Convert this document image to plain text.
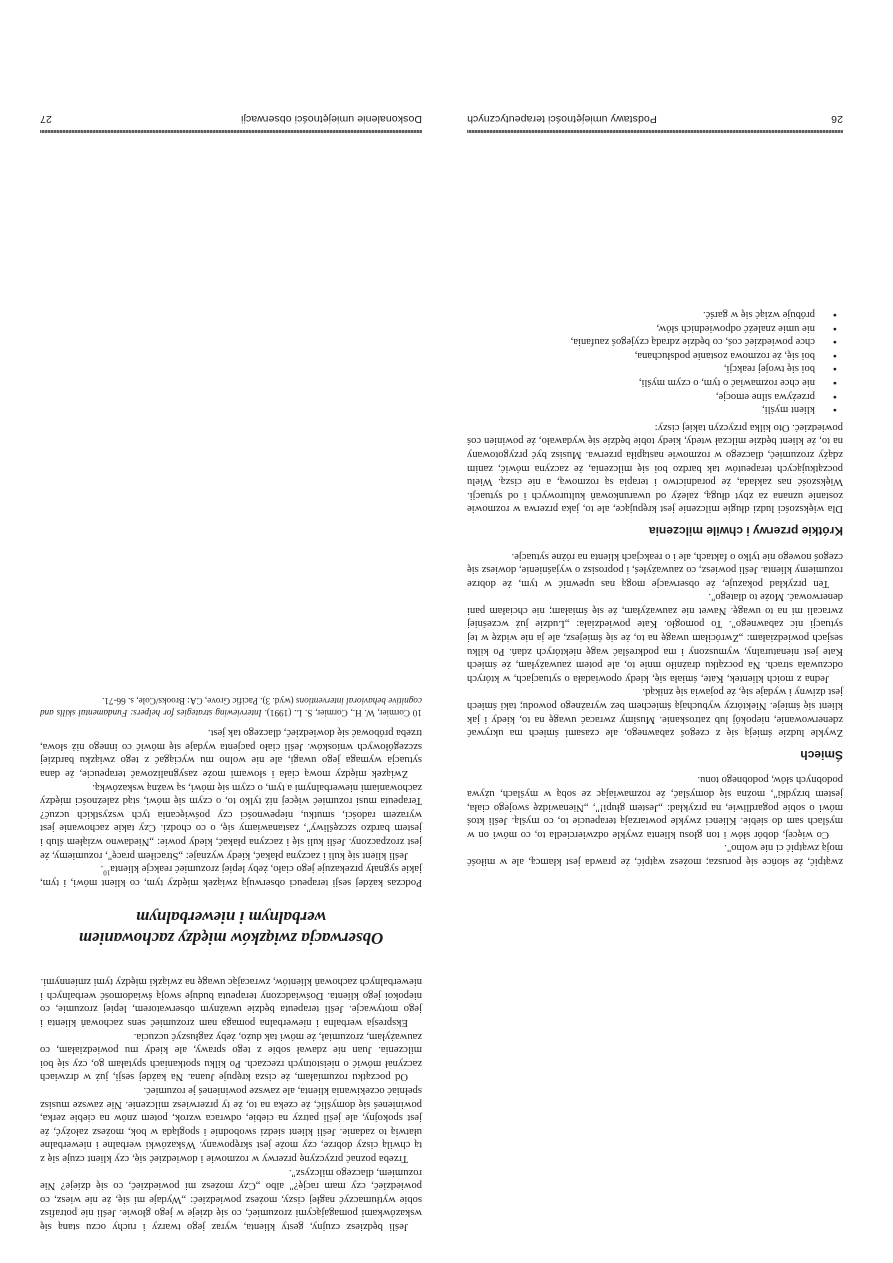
26
Podstawy umiejętności terapeutycznych

zwątpić, że słońce się porusza; możesz wątpić, że prawda jest kłamcą, ale w miłość moją zwątpić ci nie wolno".

Co więcej, dobór słów i ton głosu klienta zwykle odzwierciedla to, co mówi on w myślach sam do siebie. Klienci zwykle powtarzają terapeucie to, co myślą. Jeśli ktoś mówi o sobie pogardliwie, na przykład: „Jestem głupi!", „Nienawidzę swojego ciała, jestem brzydki", można się domyślać, że rozmawiając ze sobą w myślach, używa podobnych słów, podobnego tonu.

Śmiech

Zwykle ludzie śmieją się z czegoś zabawnego, ale czasami śmiech ma ukrywać zdenerwowanie, niepokój lub zatroskanie. Musimy zwracać uwagę na to, kiedy i jak klient się śmieje. Niektórzy wybuchają śmiechem bez wyraźnego powodu; taki śmiech jest dziwny i wydaje się, że pojawia się znikąd.

Jedna z moich klientek, Kate, śmiała się, kiedy opowiadała o sytuacjach, w których odczuwała strach. Na początku drażniło mnie to, ale potem zauważyłam, że śmiech Kate jest nienaturalny, wymuszony i ma podkreślać wagę niektórych zdań. Po kilku sesjach powiedziałam: „Zwróciłam uwagę na to, że się śmiejesz, ale ja nie widzę w tej sytuacji nic zabawnego". To pomogło. Kate powiedziała: „Ludzie już wcześniej zwracali mi na to uwagę. Nawet nie zauważyłam, że się śmiałam; nie chciałam pani denerwować. Może to dlatego".

Ten przykład pokazuje, że obserwacje mogą nas upewnić w tym, że dobrze rozumiemy klienta. Jeśli powiesz, co zauważyłeś, i poprosisz o wyjaśnienie, dowiesz się czegoś nowego nie tylko o faktach, ale i o reakcjach klienta na różne sytuacje.

Krótkie przerwy i chwile milczenia

Dla większości ludzi długie milczenie jest krępujące, ale to, jaka przerwa w rozmowie zostanie uznana za zbyt długą, zależy od uwarunkowań kulturowych i od sytuacji. Większość nas zakłada, że poradnictwo i terapia są rozmową, a nie ciszą. Wielu początkujących terapeutów tak bardzo boi się milczenia, że zaczyna mówić, zanim zdąży zrozumieć, dlaczego w rozmowie nastąpiła przerwa. Musisz być przygotowany na to, że klient będzie milczał wtedy, kiedy tobie będzie się wydawało, że powinien coś powiedzieć. Oto kilka przyczyn takiej ciszy:

• klient myśli,
• przeżywa silne emocje,
• nie chce rozmawiać o tym, o czym myśli,
• boi się twojej reakcji,
• boi się, że rozmowa zostanie podsłuchana,
• chce powiedzieć coś, co będzie zdradą czyjegoś zaufania,
• nie umie znaleźć odpowiednich słów,
• próbuje wziąć się w garść.
Doskonalenie umiejętności obserwacji
27

Jeśli będziesz czujny, gesty klienta, wyraz jego twarzy i ruchy oczu staną się wskazówkami pomagającymi zrozumieć, co się dzieje w jego głowie. Jeśli nie potrafisz sobie wytłumaczyć nagłej ciszy, możesz powiedzieć: „Wydaje mi się, że nie wiesz, co powiedzieć, czy mam rację?" albo „Czy możesz mi powiedzieć, co się dzieje? Nie rozumiem, dlaczego milczysz".

Trzeba poznać przyczynę przerwy w rozmowie i dowiedzieć się, czy klient czuje się z tą chwilą ciszy dobrze, czy może jest skrępowany. Wskazówki werbalne i niewerbalne ułatwią to zadanie. Jeśli klient siedzi swobodnie i spogląda w bok, możesz założyć, że jest spokojny, ale jeśli patrzy na ciebie, odwraca wzrok, potem znów na ciebie zerka, powinieneś się domyślić, że czeka na to, że ty przerwiesz milczenie. Nie zawsze musisz spełniać oczekiwania klienta, ale zawsze powinieneś je rozumieć.

Od początku rozumiałam, że cisza krępuje Juana. Na każdej sesji, już w drzwiach zaczynał mówić o nieistotnych rzeczach. Po kilku spotkaniach spytałam go, czy się boi milczenia. Juan nie zdawał sobie z tego sprawy, ale kiedy mu powiedziałam, co zauważyłam, zrozumiał, że mówi tak dużo, żeby zagłuszyć uczucia.

Ekspresja werbalna i niewerbalna pomaga nam zrozumieć sens zachowań klienta i jego motywacje. Jeśli terapeuta będzie uważnym obserwatorem, lepiej zrozumie, co niepokoi jego klienta. Doświadczony terapeuta buduje swoją świadomość werbalnych i niewerbalnych zachowań klientów, zwracając uwagę na związki między tymi zmiennymi.

Obserwacja związków między zachowaniem werbalnym i niewerbalnym

Podczas każdej sesji terapeuci obserwują związek między tym, co klient mówi, i tym, jakie sygnały przekazuje jego ciało, żeby lepiej zrozumieć reakcje klienta$^{10}$.

Jeśli klient się kuli i zaczyna płakać, kiedy wyznaje: „Straciłem pracę", rozumiemy, że jest zrozpaczony. Jeśli kuli się i zaczyna płakać, kiedy powie: „Niedawno wziąłem ślub i jestem bardzo szczęśliwy", zastanawiamy się, o co chodzi. Czy takie zachowanie jest wyrazem radości, smutku, niepewności czy poświęcania tych wszystkich uczuć? Terapeuta musi rozumieć więcej niż tylko to, o czym się mówi, stąd zależności między zachowaniami niewerbalnymi a tym, o czym się mówi, są ważną wskazówką.

Związek między mową ciała i słowami może zasygnalizować terapeucie, że dana sytuacja wymaga jego uwagi, ale nie wolno mu wyciągać z tego związku bardziej szczegółowych wniosków. Jeśli ciało pacjenta wydaje się mówić co innego niż słowa, trzeba próbować się dowiedzieć, dlaczego tak jest.

10 Cormier, W. H., Cormier, S. L. (1991). Interviewing strategies for helpers: Fundamental skills and cognitive behavioral interventions (wyd. 3). Pacific Grove, CA: Brooks/Cole, s. 66-71.
